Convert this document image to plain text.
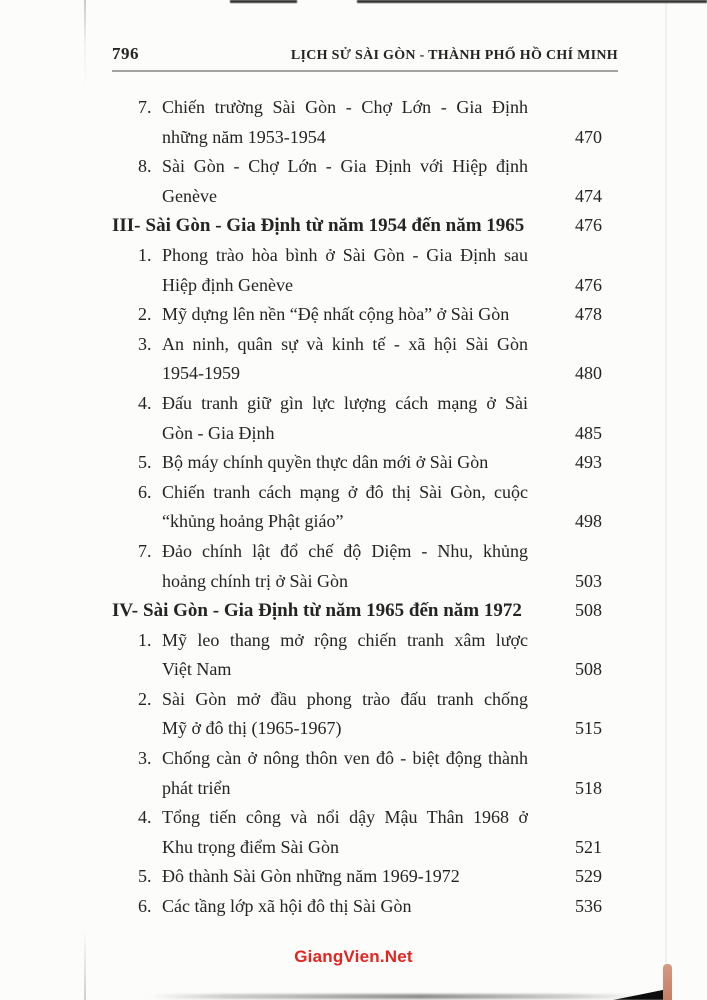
796	LỊCH SỬ SÀI GÒN - THÀNH PHỐ HỒ CHÍ MINH
7. Chiến trường Sài Gòn - Chợ Lớn - Gia Định
những năm 1953-1954	470
8. Sài Gòn - Chợ Lớn - Gia Định với Hiệp định
Genève	474
III- Sài Gòn - Gia Định từ năm 1954 đến năm 1965	476
1. Phong trào hòa bình ở Sài Gòn - Gia Định sau
Hiệp định Genève	476
2. Mỹ dựng lên nền “Đệ nhất cộng hòa” ở Sài Gòn	478
3. An ninh, quân sự và kinh tế - xã hội Sài Gòn
1954-1959	480
4. Đấu tranh giữ gìn lực lượng cách mạng ở Sài
Gòn - Gia Định	485
5. Bộ máy chính quyền thực dân mới ở Sài Gòn	493
6. Chiến tranh cách mạng ở đô thị Sài Gòn, cuộc
“khủng hoảng Phật giáo”	498
7. Đảo chính lật đổ chế độ Diệm - Nhu, khủng
hoảng chính trị ở Sài Gòn	503
IV- Sài Gòn - Gia Định từ năm 1965 đến năm 1972	508
1. Mỹ leo thang mở rộng chiến tranh xâm lược
Việt Nam	508
2. Sài Gòn mở đầu phong trào đấu tranh chống
Mỹ ở đô thị (1965-1967)	515
3. Chống càn ở nông thôn ven đô - biệt động thành
phát triển	518
4. Tổng tiến công và nổi dậy Mậu Thân 1968 ở
Khu trọng điểm Sài Gòn	521
5. Đô thành Sài Gòn những năm 1969-1972	529
6. Các tầng lớp xã hội đô thị Sài Gòn	536
GiangVien.Net
